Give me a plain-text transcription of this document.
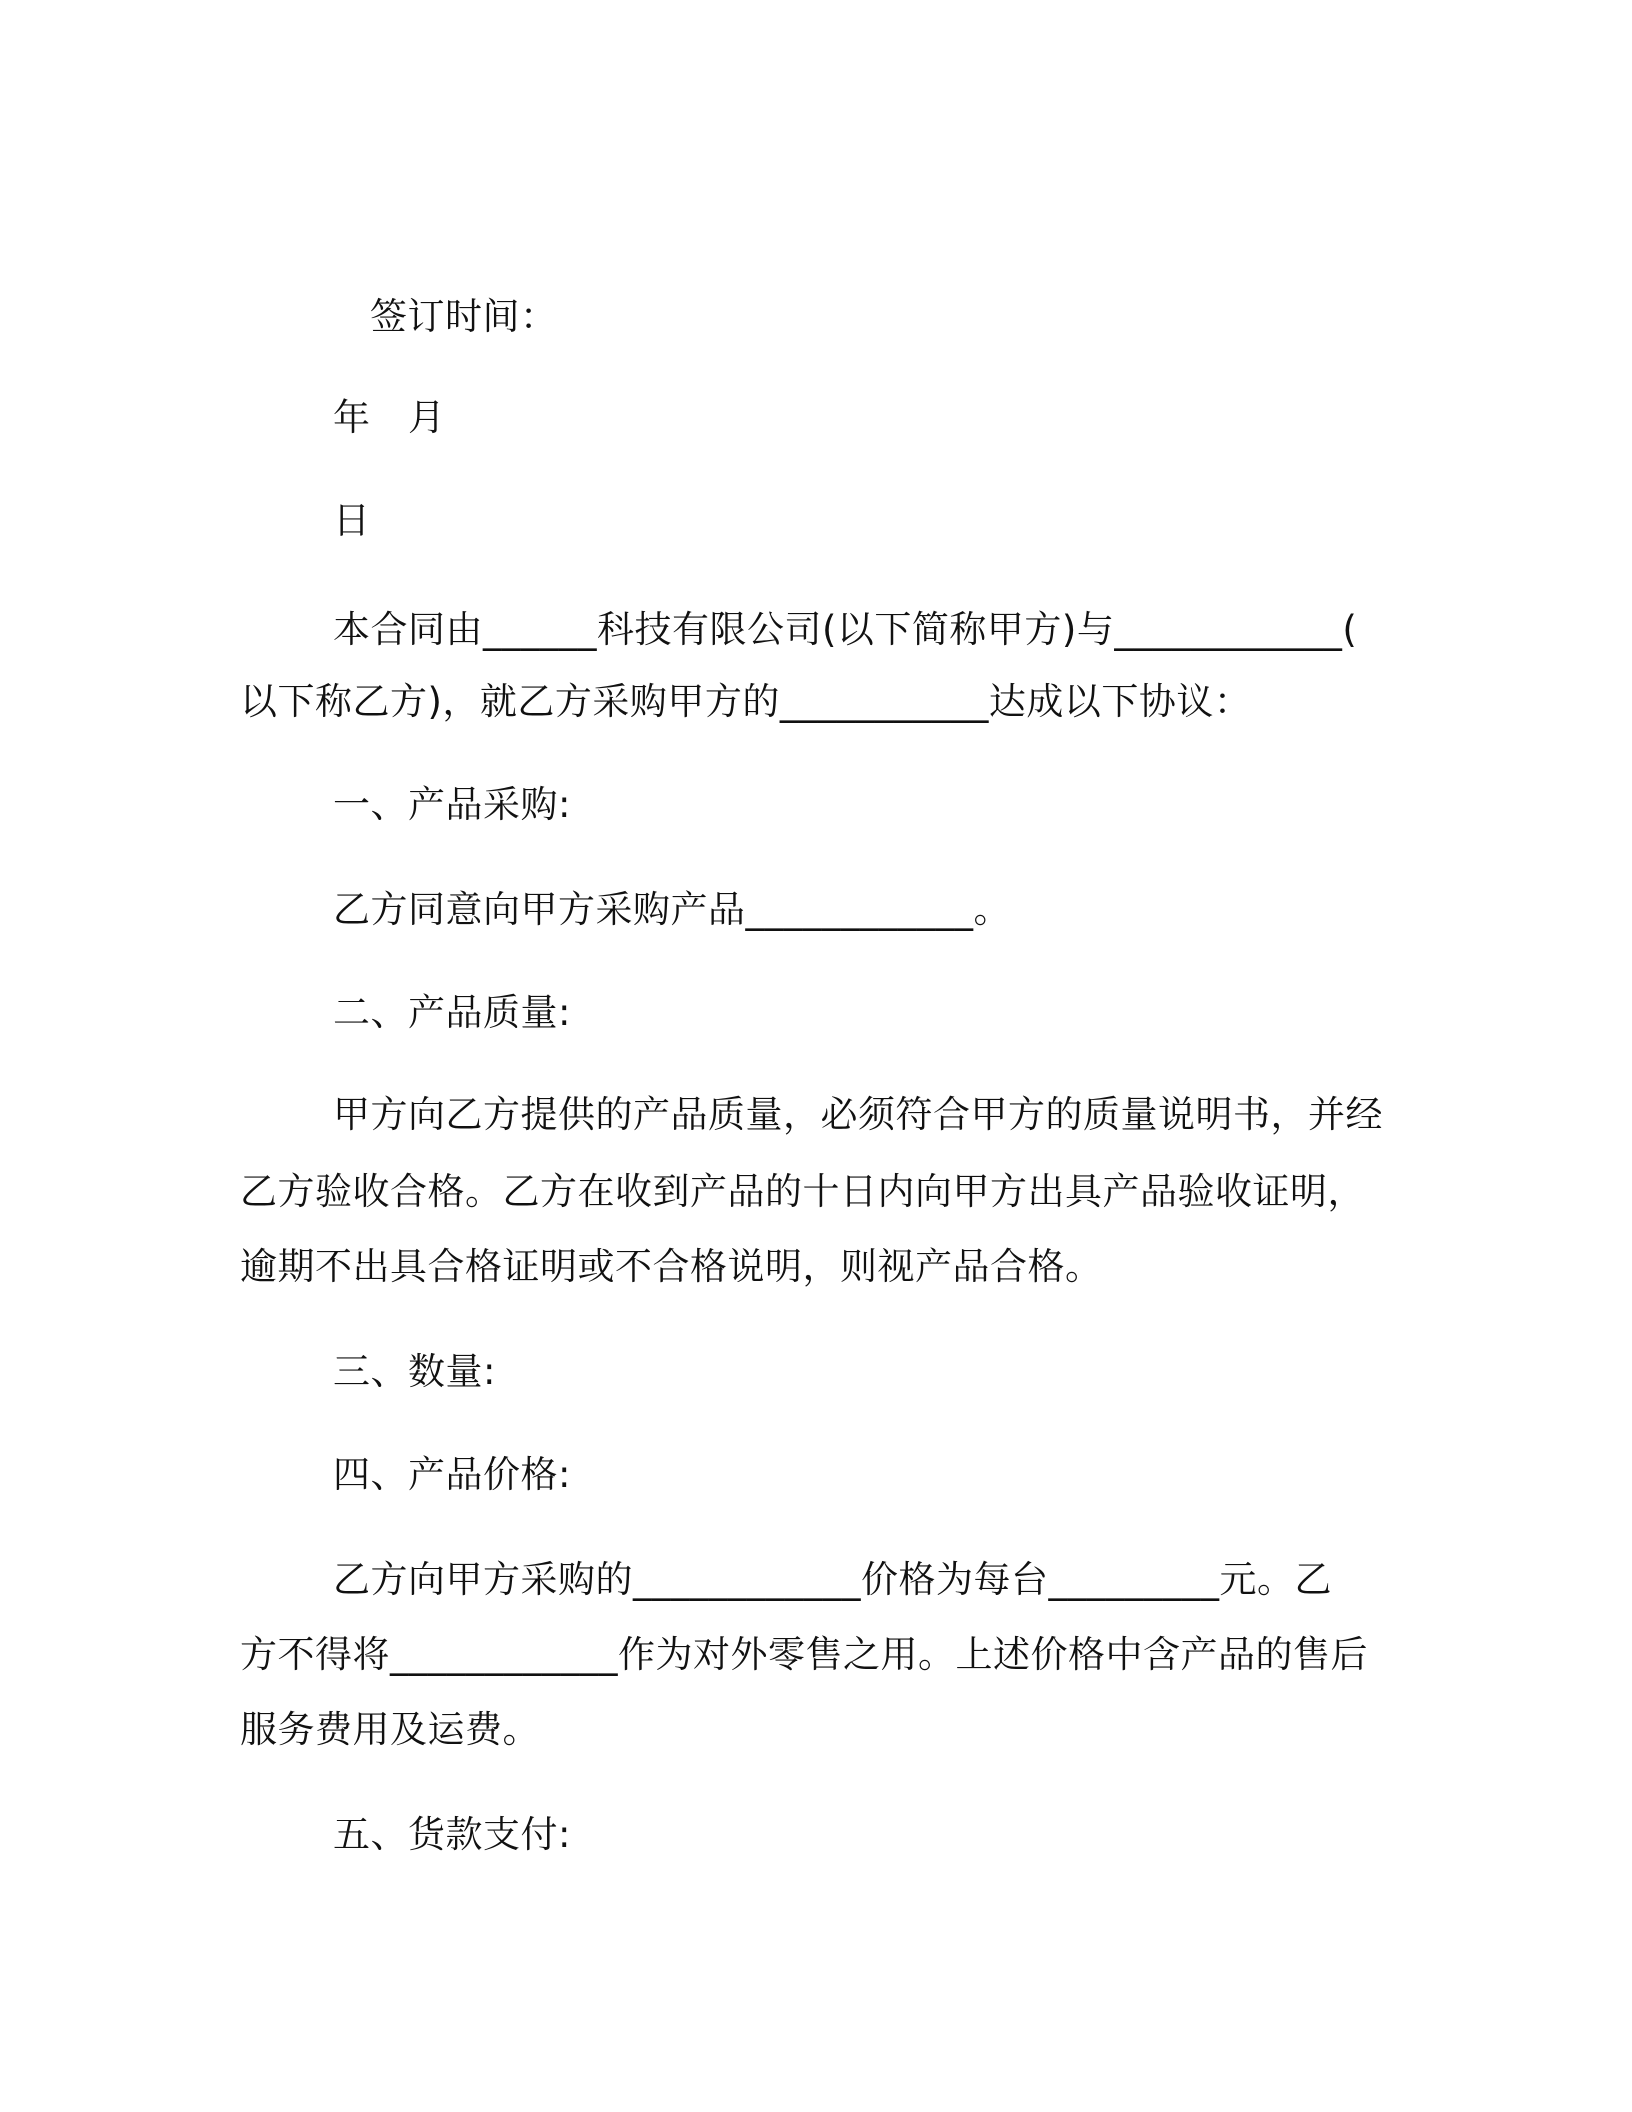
签订时间：
年　月
日
本合同由______科技有限公司(以下简称甲方)与____________(
以下称乙方)，就乙方采购甲方的___________达成以下协议：
一、产品采购:
乙方同意向甲方采购产品____________。
二、产品质量:
甲方向乙方提供的产品质量，必须符合甲方的质量说明书，并经
乙方验收合格。乙方在收到产品的十日内向甲方出具产品验收证明，
逾期不出具合格证明或不合格说明，则视产品合格。
三、数量:
四、产品价格:
乙方向甲方采购的____________价格为每台_________元。乙
方不得将____________作为对外零售之用。上述价格中含产品的售后
服务费用及运费。
五、货款支付:
